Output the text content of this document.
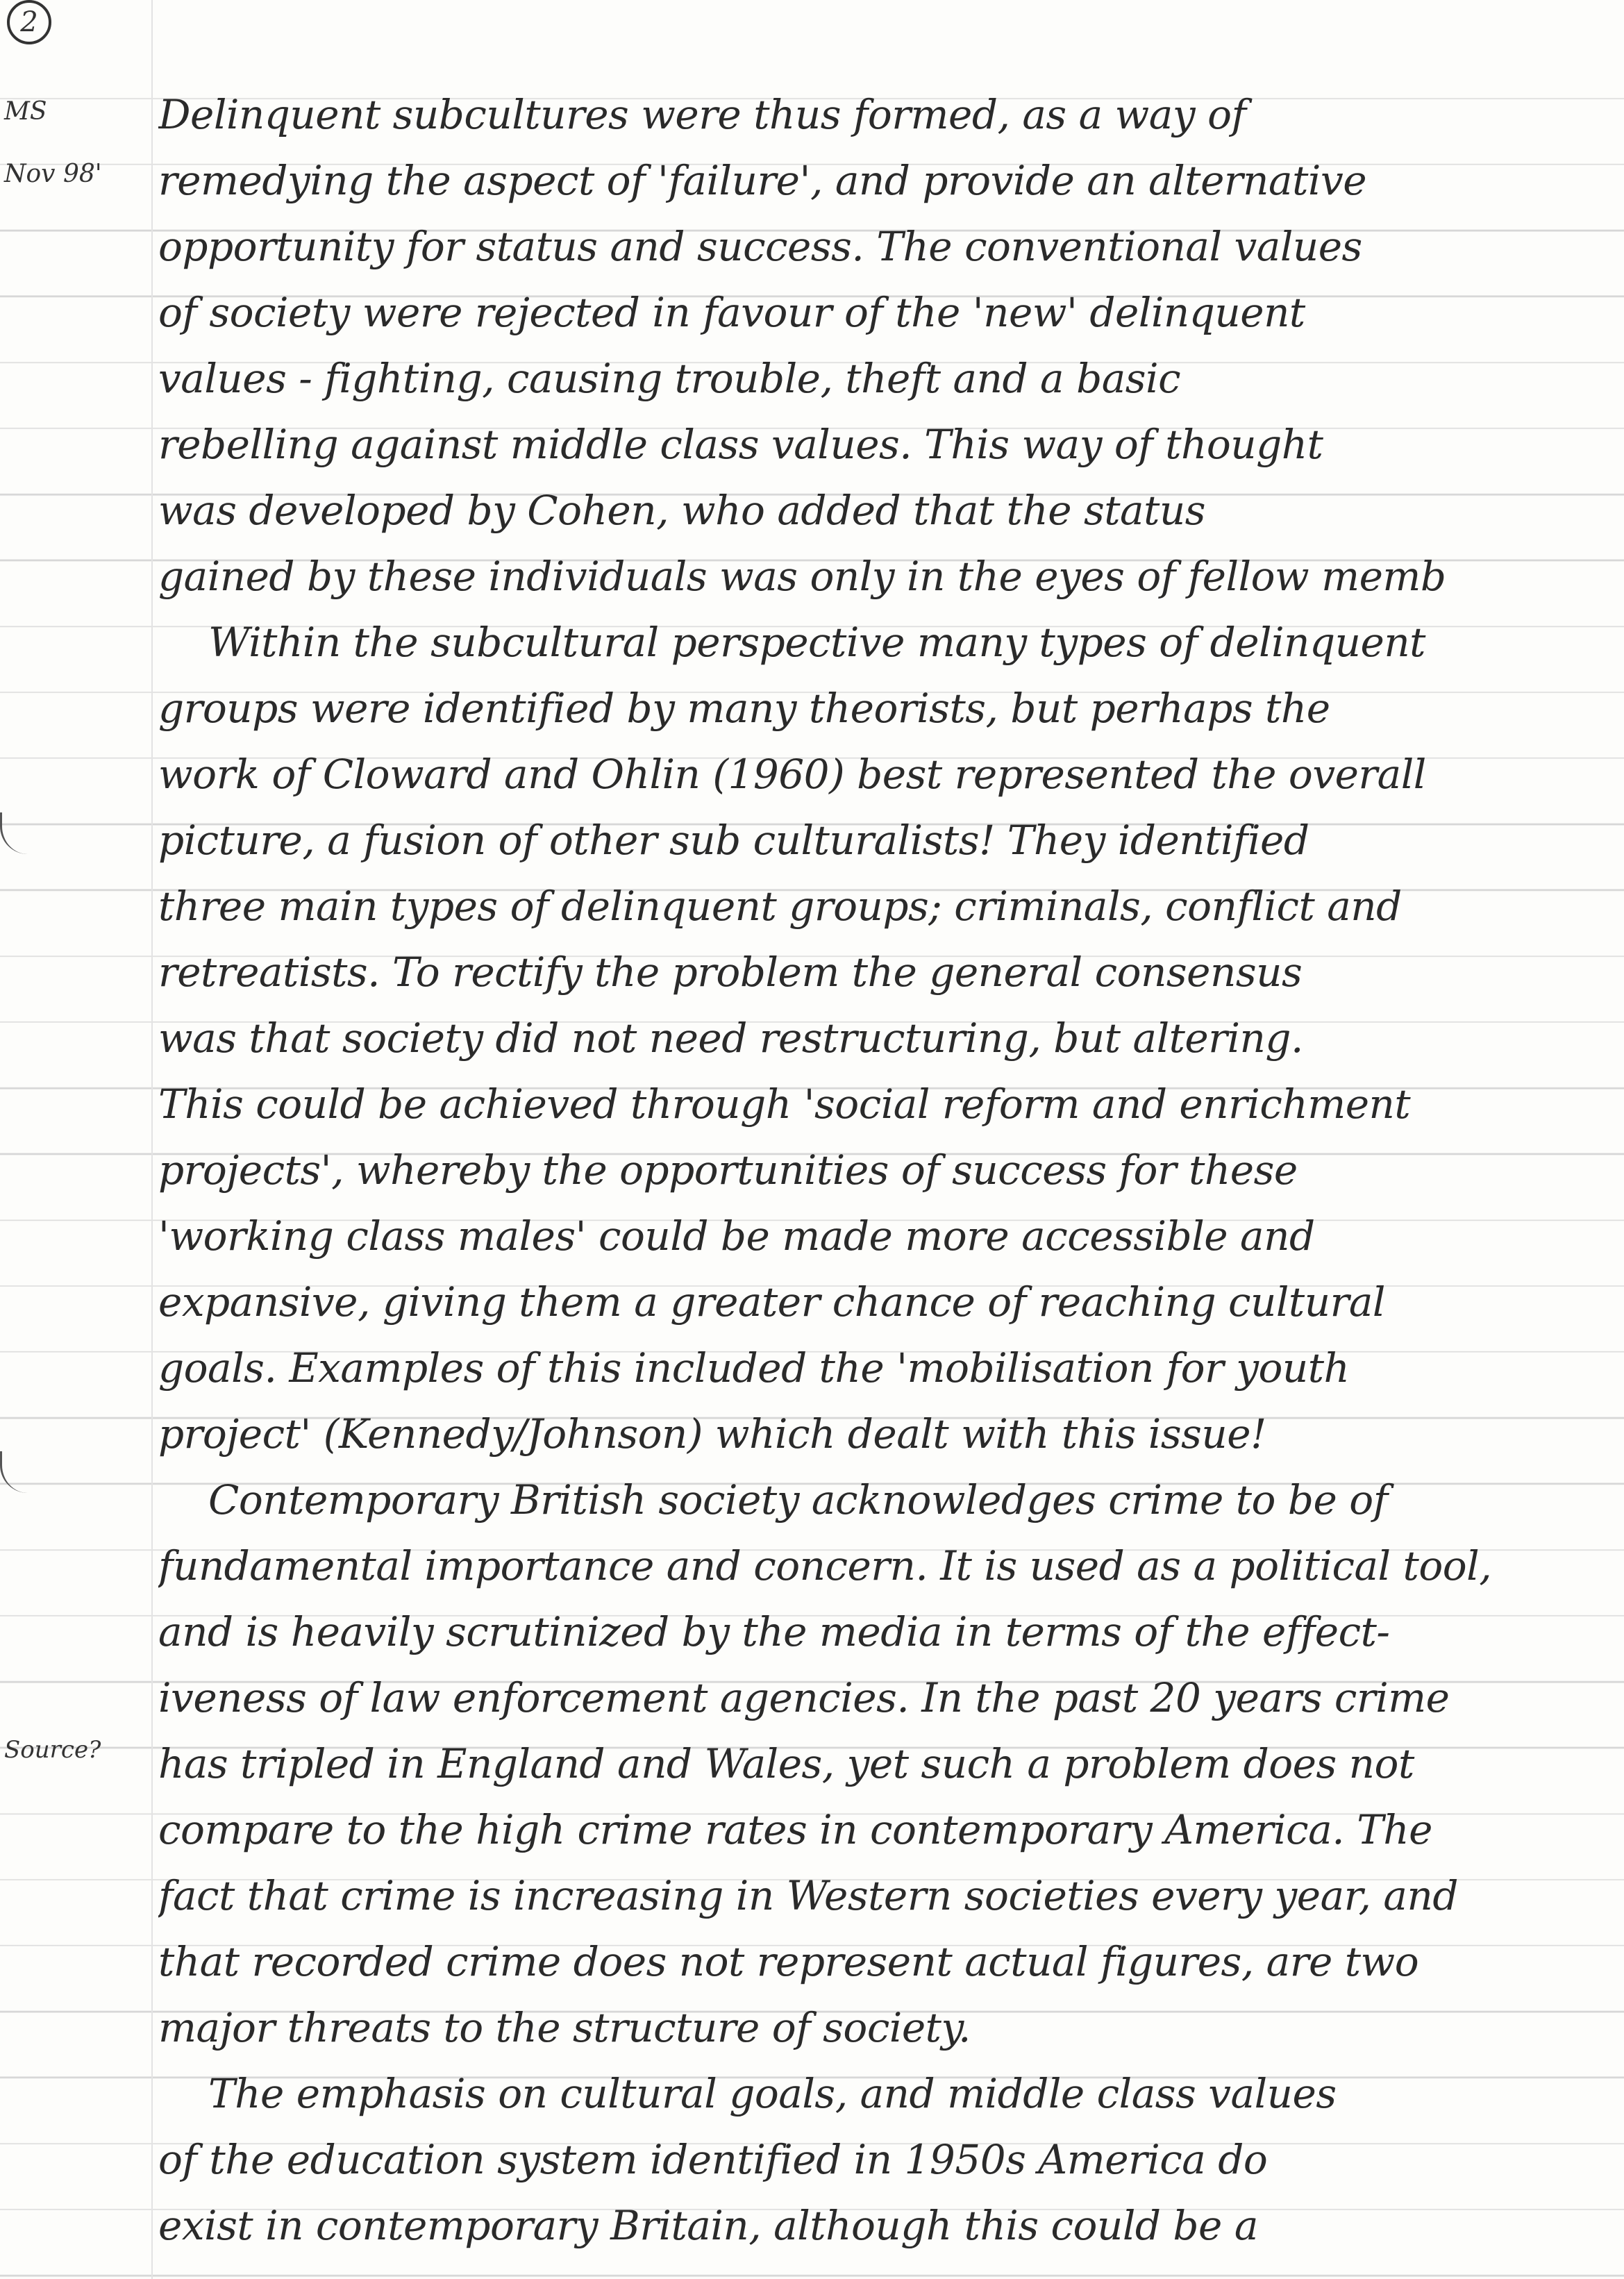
2
MS
Nov 98'
Source?
Delinquent subcultures were thus formed, as a way of
remedying the aspect of 'failure', and provide an alternative
opportunity for status and success. The conventional values
of society were rejected in favour of the 'new' delinquent
values - fighting, causing trouble, theft and a basic
rebelling against middle class values. This way of thought
was developed by Cohen, who added that the status
gained by these individuals was only in the eyes of fellow memb
Within the subcultural perspective many types of delinquent
groups were identified by many theorists, but perhaps the
work of Cloward and Ohlin (1960) best represented the overall
picture, a fusion of other sub culturalists! They identified
three main types of delinquent groups; criminals, conflict and
retreatists. To rectify the problem the general consensus
was that society did not need restructuring, but altering.
This could be achieved through 'social reform and enrichment
projects', whereby the opportunities of success for these
'working class males' could be made more accessible and
expansive, giving them a greater chance of reaching cultural
goals. Examples of this included the 'mobilisation for youth
project' (Kennedy/Johnson) which dealt with this issue!
Contemporary British society acknowledges crime to be of
fundamental importance and concern. It is used as a political tool,
and is heavily scrutinized by the media in terms of the effect-
iveness of law enforcement agencies. In the past 20 years crime
has tripled in England and Wales, yet such a problem does not
compare to the high crime rates in contemporary America. The
fact that crime is increasing in Western societies every year, and
that recorded crime does not represent actual figures, are two
major threats to the structure of society.
The emphasis on cultural goals, and middle class values
of the education system identified in 1950s America do
exist in contemporary Britain, although this could be a
